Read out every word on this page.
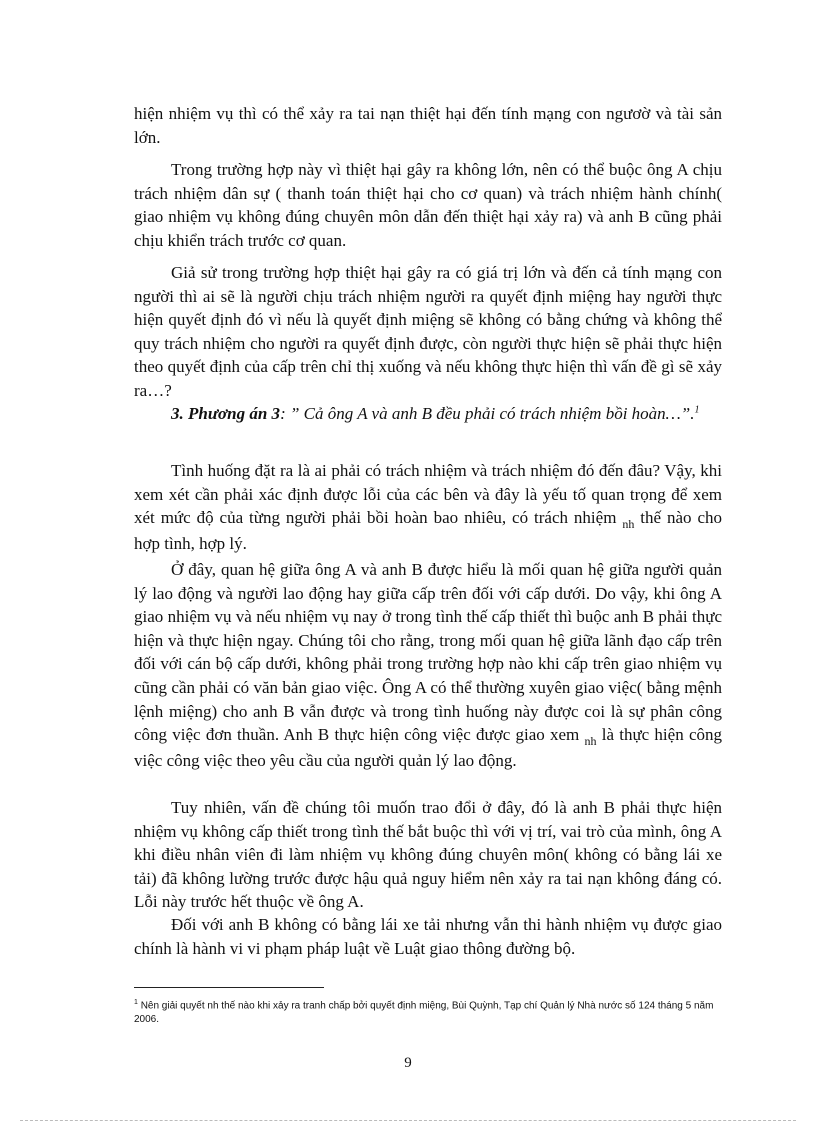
hiện nhiệm vụ thì có thể xảy ra tai nạn thiệt hại đến tính mạng con ngươờ và tài sản lớn.

Trong trường hợp này vì thiệt hại gây ra không lớn, nên có thể buộc ông A chịu trách nhiệm dân sự ( thanh toán thiệt hại cho cơ quan) và trách nhiệm hành chính( giao nhiệm vụ không đúng chuyên môn dẫn đến thiệt hại xảy ra) và anh B cũng phải chịu khiển trách trước cơ quan.

Giả sử trong trường hợp thiệt hại gây ra có giá trị lớn và đến cả tính mạng con người thì ai sẽ là người chịu trách nhiệm người ra quyết định miệng hay người thực hiện quyết định đó vì nếu là quyết định miệng sẽ không có bằng chứng và không thể quy trách nhiệm cho người ra quyết định được, còn người thực hiện sẽ phải thực hiện theo quyết định của cấp trên chỉ thị xuống và nếu không thực hiện thì vấn đề gì sẽ xảy ra…?

3. Phương án 3: ” Cả ông A và anh B đều phải có trách nhiệm bồi hoàn…”.$^1$

Tình huống đặt ra là ai phải có trách nhiệm và trách nhiệm đó đến đâu? Vậy, khi xem xét cần phải xác định được lỗi của các bên và đây là yếu tố quan trọng để xem xét mức độ của từng người phải bồi hoàn bao nhiêu, có trách nhiệm $_{nh}$ thế nào cho hợp tình, hợp lý.

Ở đây, quan hệ giữa ông A và anh B được hiểu là mối quan hệ giữa người quản lý lao động và người lao động hay giữa cấp trên đối với cấp dưới. Do vậy, khi ông A giao nhiệm vụ và nếu nhiệm vụ nay ở trong tình thế cấp thiết thì buộc anh B phải thực hiện và thực hiện ngay. Chúng tôi cho rằng, trong mối quan hệ giữa lãnh đạo cấp trên đối với cán bộ cấp dưới, không phải trong trường hợp nào khi cấp trên giao nhiệm vụ cũng cần phải có văn bản giao việc. Ông A có thể thường xuyên giao việc( bằng mệnh lệnh miệng) cho anh B vẫn được và trong tình huống này được coi là sự phân công công việc đơn thuần. Anh B thực hiện công việc được giao xem $_{nh}$ là thực hiện công việc công việc theo yêu cầu của người quản lý lao động.

Tuy nhiên, vấn đề chúng tôi muốn trao đổi ở đây, đó là anh B phải thực hiện nhiệm vụ không cấp thiết trong tình thế bắt buộc thì với vị trí, vai trò của mình, ông A khi điều nhân viên đi làm nhiệm vụ không đúng chuyên môn( không có bằng lái xe tải) đã không lường trước được hậu quả nguy hiểm nên xảy ra tai nạn không đáng có. Lỗi này trước hết thuộc về ông A.

Đối với anh B không có bằng lái xe tải nhưng vẫn thi hành nhiệm vụ được giao chính là hành vi vi phạm pháp luật về Luật giao thông đường bộ.

$^1$ Nên giải quyết nh thế nào khi xảy ra tranh chấp bởi quyết định miệng, Bùi Quỳnh, Tạp chí Quản lý Nhà nước số 124 tháng 5 năm 2006.
9
